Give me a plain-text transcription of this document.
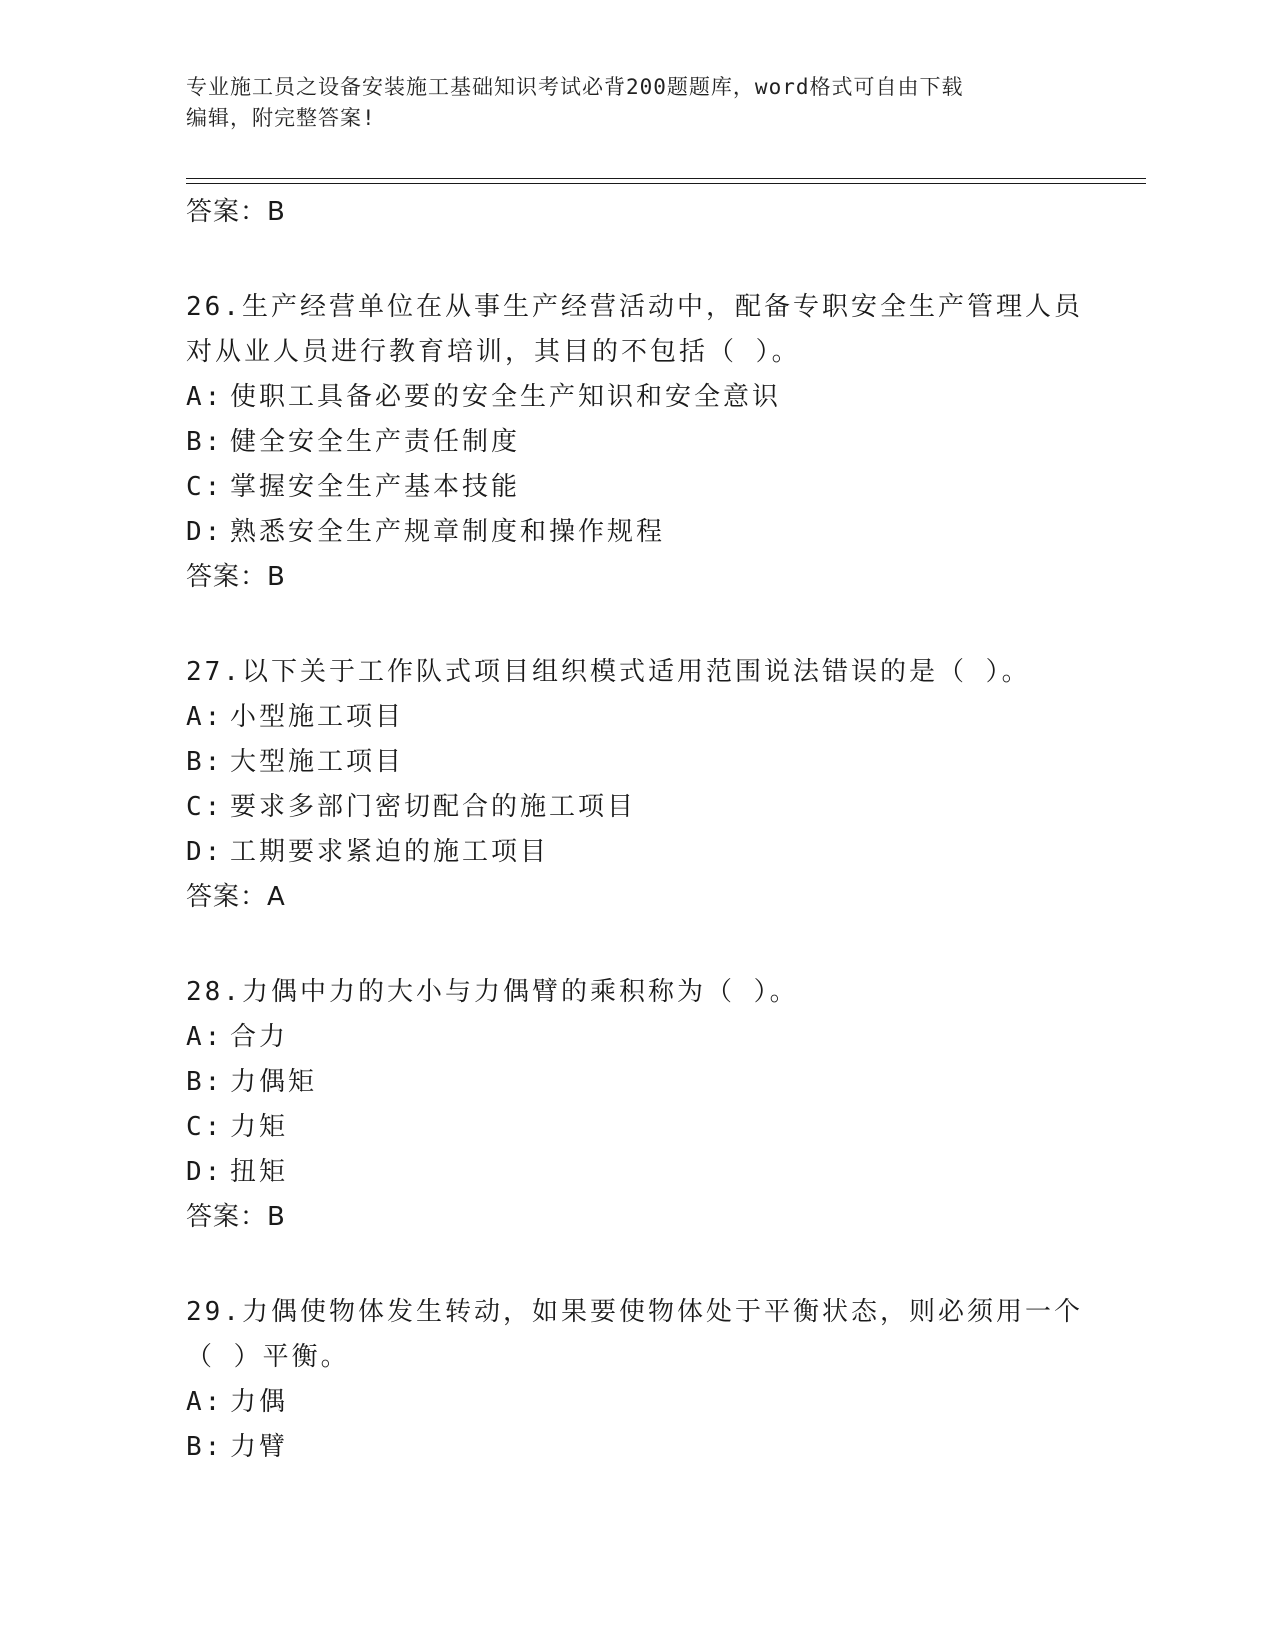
专业施工员之设备安装施工基础知识考试必背200题题库，word格式可自由下载
编辑，附完整答案!
答案：B
26.生产经营单位在从事生产经营活动中，配备专职安全生产管理人员
对从业人员进行教育培训，其目的不包括（ ）。
A: 使职工具备必要的安全生产知识和安全意识
B: 健全安全生产责任制度
C: 掌握安全生产基本技能
D: 熟悉安全生产规章制度和操作规程
答案：B
27.以下关于工作队式项目组织模式适用范围说法错误的是（ ）。
A: 小型施工项目
B: 大型施工项目
C: 要求多部门密切配合的施工项目
D: 工期要求紧迫的施工项目
答案：A
28.力偶中力的大小与力偶臂的乘积称为（ ）。
A: 合力
B: 力偶矩
C: 力矩
D: 扭矩
答案：B
29.力偶使物体发生转动，如果要使物体处于平衡状态，则必须用一个
（ ）平衡。
A: 力偶
B: 力臂
